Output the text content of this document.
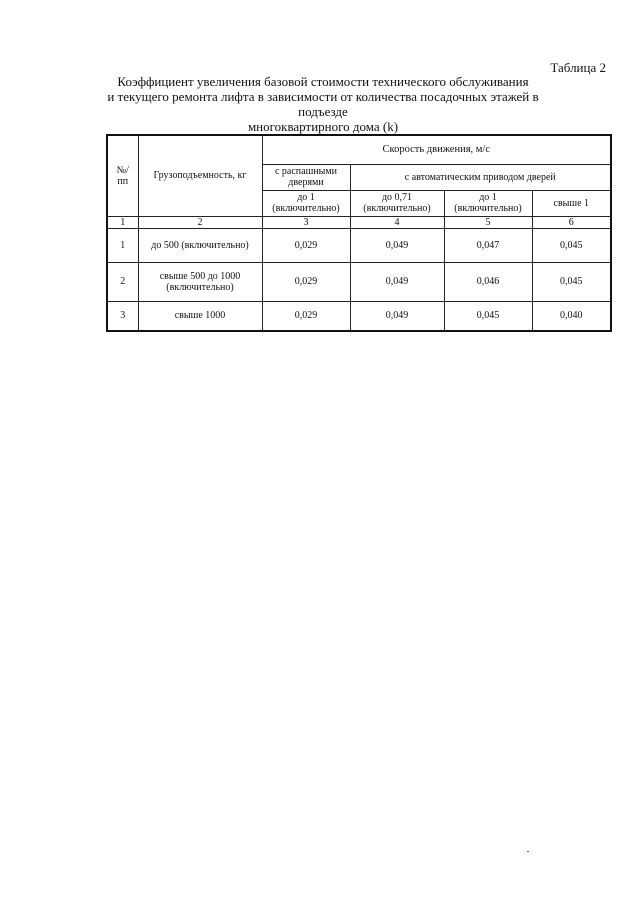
Таблица 2
Коэффициент увеличения базовой стоимости технического обслуживания
и текущего ремонта лифта в зависимости от количества посадочных этажей в подъезде
многоквартирного дома (k)
№/ пп	Грузоподъемность, кг	Скорость движения, м/с			
		с распашными дверями	с автоматическим приводом дверей		
		до 1 (включительно)	до 0,71 (включительно)	до 1 (включительно)	свыше 1
1	2	3	4	5	6
1	до 500 (включительно)	0,029	0,049	0,047	0,045
2	свыше 500 до 1000 (включительно)	0,029	0,049	0,046	0,045
3	свыше 1000	0,029	0,049	0,045	0,040
